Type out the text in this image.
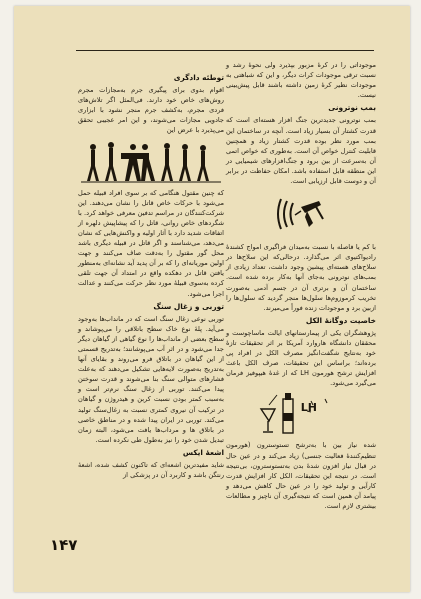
موجوداتی را در کرهٔ مزبور بپذیرد ولی نحوهٔ رشد و نسبت ترقی موجودات کرات دیگر، و این که شباهتی به موجودات نظیر کرهٔ زمین داشته باشند قابل پیش‌بینی نیست.

بمب نوترونی

بمب نوترونی جدیدترین جنگ افزار هسته‌ای است که قدرت کشتار آن بسیار زیاد است. آنچه در ساختمان این بمب مورد نظر بوده قدرت کشتار زیاد و همچنین قابلیت کنترل خواص آن است. به‌طوری که خواص اتمی آن به‌سرعت از بین برود و جنگ‌افزارهای شیمیایی در این منطقه قابل استفاده باشد. امکان حفاظت در برابر آن و دوست قابل ارزیابی است.

با کم یا فاصله با نسبت به‌میدان فراگیری امواج کشندهٔ رادیواکتیوی اثر می‌گذارد. درحالی‌که این سلاح‌ها در سلاح‌های هسته‌ای پیشین وجود داشت، تعداد زیادی از بمب‌های نوترونی به‌جای آنها به‌کار برده شده است. ساختمان آن و برتری آن در جسم آدمی به‌صورت تخریب کرموزوم‌ها سلول‌ها منجر گردید که سلول‌ها را ازبین برد و موجودات زنده فوراً می‌میرند.

خاصیت دوگانهٔ الکل

پژوهشگران یکی از پیمارستانهای ایالت ماساچوست و محققان دانشگاه هاروارد آمریکا بر اثر تحقیقات تازهٔ خود به‌نتایج شگفت‌انگیز مصرف الکل در افراد پی برده‌اند؛ براساس این تحقیقات، صرف الکل باعث افزایش ترشح هورمون LH که از غدهٔ هیپوفیز فرمان می‌گیرد می‌شود.

LH

شده نیاز بین با به‌ترشح تستوسترون (هورمون تنظیم‌کنندهٔ فعالیت جنسی) زیاد می‌کند و در عین حال در قبال نیاز افزون شدهٔ بدن به‌تستوسترون، بی‌نتیجه است. در نتیجه این تحقیقات، الکل کار افزایش قدرت کارآیی و تولید خود را در عین حال کاهش می‌دهد و پیامد آن همین است که نتیجه‌گیری آن ناچیز و مطالعات بیشتری لازم است.

توطئه دادگری

اقوام بدوی برای پیگیری جرم به‌مجازات مجرم روش‌های خاص خود دارند. فی‌المثل اگر تلاش‌های فردی مجرم، به‌کشف جرم منجر نشود با ابزاری جادویی مجازات می‌شوند، و این امر عجیبی تحقق می‌پذیرد با عرض این

که چنین مقتول هنگامی که بر سوی افراد قبیله حمل می‌شود با حرکات خاص قاتل را نشان می‌دهند. این شرکت‌کنندگان در مراسم تدفین معرفی خواهد کرد. با شگردهای خاص روانی، قاتل را که پیشاپیش دلهره از اتفاقات شدید دارد با آثار اولیه و واکنش‌هایی که نشان می‌دهد، می‌شناسند و اگر قاتل در قبیله دیگری باشد محل گور مقتول را به‌دقت صاف می‌کنند و جهت اولین موریانه‌ای را که بر آن پدید آید نشانه‌ای به‌منظور یافتن قاتل در دهکده واقع در امتداد آن جهت تلقی کرده به‌سوی قبیلهٔ مورد نظر حرکت می‌کنند و عدالت اجرا می‌شود.

توربی و زغال سنگ

توربی نوعی زغال سنگ است که در مانداب‌ها به‌وجود می‌آید. پلهٔ نوع خاک سطح باتلاقی را می‌پوشاند و سطح بعضی از مانداب‌ها را نوع گیاهی از گیاهان دیگر جدا می‌شود و در اثر آب می‌پوشانند؛ به‌تدریج قسمتی از این گیاهان در باتلاق فرو می‌روند و بقایای آنها به‌تدریج به‌صورت لایه‌هایی تشکیل می‌دهند که به‌علت فشارهای متوالی سنگ بنا می‌شوند و قدرت سوختن پیدا می‌کنند. توربی از زغال سنگ نرم‌تر است و به‌سبب کمتر بودن نسبت کربن و هیدروژن و گیاهان در ترکیب آن نیروی کمتری نسبت به زغال‌سنگ تولید می‌کند. توربی در ایران پیدا شده و در مناطق خاصی در باتلاق ها و مرداب‌ها یافت می‌شود، البته زمان تبدیل شدن خود را نیز به‌طول طی نکرده است.

اشعهٔ ایکس

شاید مفیدترین اشعه‌ای که تاکنون کشف شده، اشعهٔ رنتگن باشد و کاربرد آن در پزشکی از

۱۴۷
